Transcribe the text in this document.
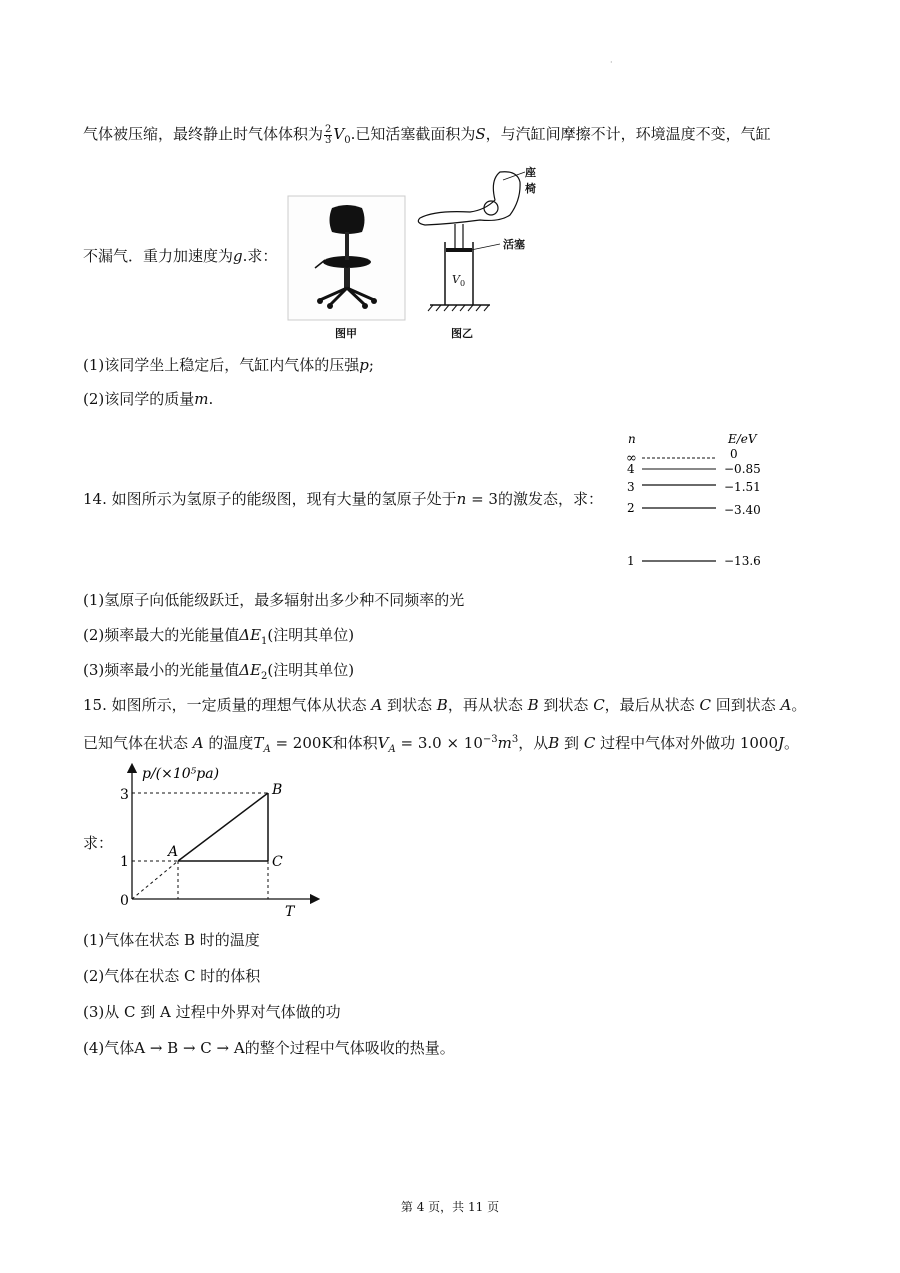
·
气体被压缩，最终静止时气体体积为 $\frac{2}{3} V_0$.已知活塞截面积为S，与汽缸间摩擦不计，环境温度不变，气缸
座椅
活塞
$V_0$
图甲	图乙
不漏气．重力加速度为g.求：
(1)该同学坐上稳定后，气缸内气体的压强p;
(2)该同学的质量m.
n	E/eV
∞	0
4	−0.85
3	−1.51
2	−3.40
1	−13.6
14. 如图所示为氢原子的能级图，现有大量的氢原子处于n = 3的激发态，求：
(1)氢原子向低能级跃迁，最多辐射出多少种不同频率的光
(2)频率最大的光能量值$\Delta E_1$(注明其单位)
(3)频率最小的光能量值$\Delta E_2$(注明其单位)
15. 如图所示，一定质量的理想气体从状态 A 到状态 B，再从状态 B 到状态 C，最后从状态 C 回到状态 A。
已知气体在状态 A 的温度$T_A = 200K$和体积$V_A = 3.0 \times 10^{-3}m^3$，从B 到 C 过程中气体对外做功 1000J。
p/(×10⁵pa)
T
0
1
3
A
B
C
求：
(1)气体在状态 B 时的温度
(2)气体在状态 C 时的体积
(3)从 C 到 A 过程中外界对气体做的功
(4)气体A → B → C → A的整个过程中气体吸收的热量。
第 4 页，共 11 页
